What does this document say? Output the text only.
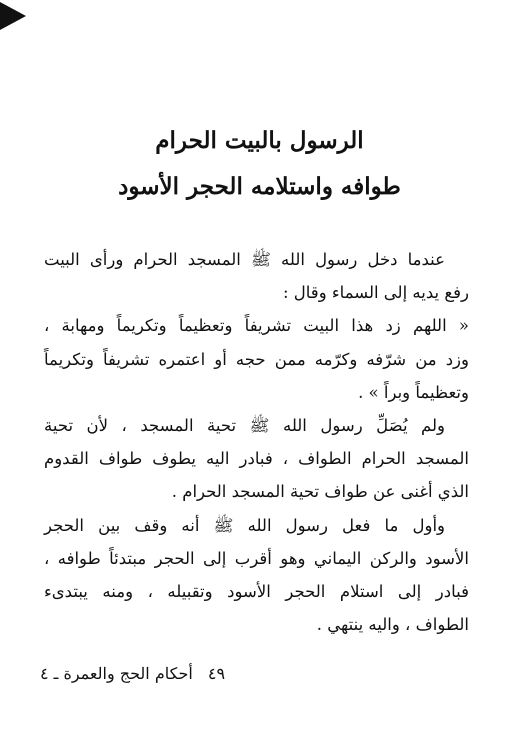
الرسول بالبيت الحرام
طوافه واستلامه الحجر الأسود

عندما دخل رسول الله ﷺ المسجد الحرام ورأى البيت
رفع يديه إلى السماء وقال :

« اللهم زد هذا البيت تشريفاً وتعظيماً وتكريماً ومهابة ،
وزد من شرّفه وكرّمه ممن حجه أو اعتمره تشريفاً وتكريماً
وتعظيماً وبراً » .

ولم يُصَلِّ رسول الله ﷺ تحية المسجد ، لأن تحية
المسجد الحرام الطواف ، فبادر اليه يطوف طواف القدوم
الذي أغنى عن طواف تحية المسجد الحرام .

وأول ما فعل رسول الله ﷺ أنه وقف بين الحجر
الأسود والركن اليماني وهو أقرب إلى الحجر مبتدئاً طوافه ،
فبادر إلى استلام الحجر الأسود وتقبيله ، ومنه يبتدىء
الطواف ، واليه ينتهي .

٤٩ أحكام الحج والعمرة ـ ٤
